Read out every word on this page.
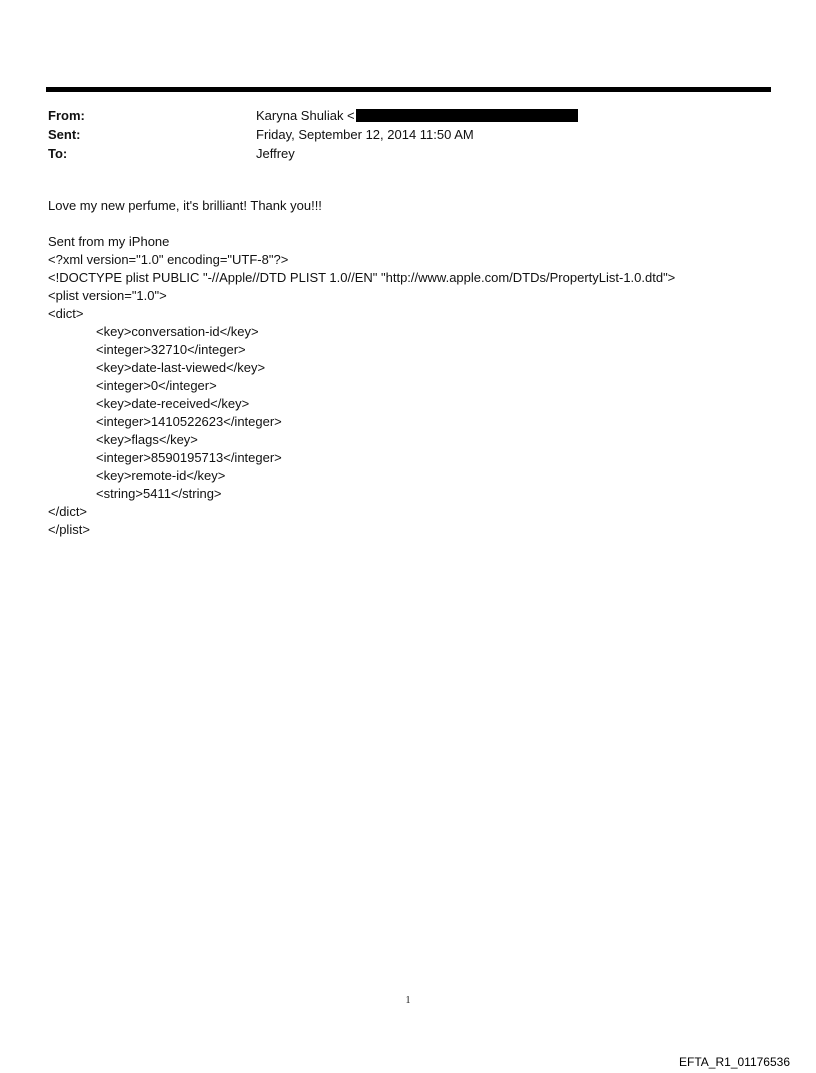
From:	Karyna Shuliak <
Sent:	Friday, September 12, 2014 11:50 AM
To:	Jeffrey
Love my new perfume, it's brilliant! Thank you!!!
Sent from my iPhone
<?xml version="1.0" encoding="UTF-8"?>
<!DOCTYPE plist PUBLIC "-//Apple//DTD PLIST 1.0//EN" "http://www.apple.com/DTDs/PropertyList-1.0.dtd">
<plist version="1.0">
<dict>
<key>conversation-id</key>
<integer>32710</integer>
<key>date-last-viewed</key>
<integer>0</integer>
<key>date-received</key>
<integer>1410522623</integer>
<key>flags</key>
<integer>8590195713</integer>
<key>remote-id</key>
<string>5411</string>
</dict>
</plist>
1
EFTA_R1_01176536
